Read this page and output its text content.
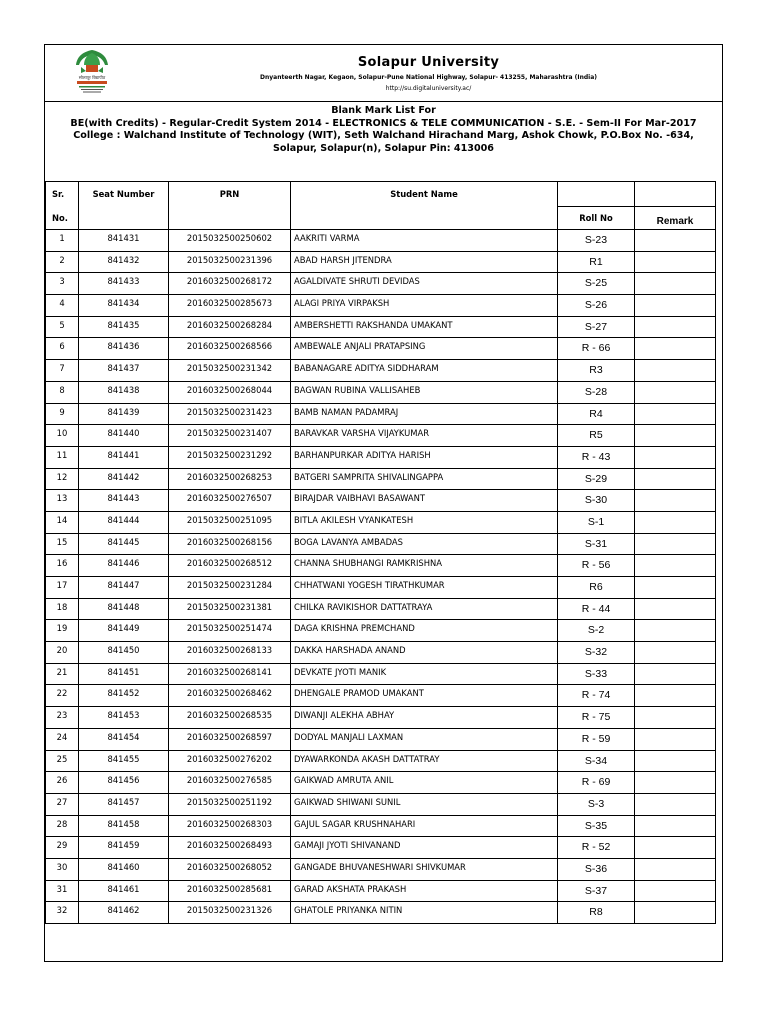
सोलापूर विद्यापीठ
Solapur University
Dnyanteerth Nagar, Kegaon, Solapur-Pune National Highway, Solapur- 413255, Maharashtra (India)
http://su.digitaluniversity.ac/
Blank Mark List For
BE(with Credits) - Regular-Credit System 2014 - ELECTRONICS & TELE COMMUNICATION - S.E. - Sem-II For Mar-2017
College : Walchand Institute of Technology (WIT), Seth Walchand Hirachand Marg, Ashok Chowk, P.O.Box No. -634, Solapur, Solapur(n), Solapur Pin: 413006
Sr.	Seat Number	PRN	Student Name		
No.				Roll No	Remark
1	841431	2015032500250602	AAKRITI VARMA	S-23	
2	841432	2015032500231396	ABAD HARSH JITENDRA	R1	
3	841433	2016032500268172	AGALDIVATE SHRUTI DEVIDAS	S-25	
4	841434	2016032500285673	ALAGI PRIYA VIRPAKSH	S-26	
5	841435	2016032500268284	AMBERSHETTI RAKSHANDA UMAKANT	S-27	
6	841436	2016032500268566	AMBEWALE ANJALI PRATAPSING	R - 66	
7	841437	2015032500231342	BABANAGARE ADITYA SIDDHARAM	R3	
8	841438	2016032500268044	BAGWAN RUBINA VALLISAHEB	S-28	
9	841439	2015032500231423	BAMB NAMAN PADAMRAJ	R4	
10	841440	2015032500231407	BARAVKAR VARSHA VIJAYKUMAR	R5	
11	841441	2015032500231292	BARHANPURKAR ADITYA HARISH	R - 43	
12	841442	2016032500268253	BATGERI SAMPRITA SHIVALINGAPPA	S-29	
13	841443	2016032500276507	BIRAJDAR VAIBHAVI BASAWANT	S-30	
14	841444	2015032500251095	BITLA AKILESH VYANKATESH	S-1	
15	841445	2016032500268156	BOGA LAVANYA AMBADAS	S-31	
16	841446	2016032500268512	CHANNA SHUBHANGI RAMKRISHNA	R - 56	
17	841447	2015032500231284	CHHATWANI YOGESH TIRATHKUMAR	R6	
18	841448	2015032500231381	CHILKA RAVIKISHOR DATTATRAYA	R - 44	
19	841449	2015032500251474	DAGA KRISHNA PREMCHAND	S-2	
20	841450	2016032500268133	DAKKA HARSHADA ANAND	S-32	
21	841451	2016032500268141	DEVKATE JYOTI MANIK	S-33	
22	841452	2016032500268462	DHENGALE PRAMOD UMAKANT	R - 74	
23	841453	2016032500268535	DIWANJI ALEKHA ABHAY	R - 75	
24	841454	2016032500268597	DODYAL MANJALI LAXMAN	R - 59	
25	841455	2016032500276202	DYAWARKONDA AKASH DATTATRAY	S-34	
26	841456	2016032500276585	GAIKWAD AMRUTA ANIL	R - 69	
27	841457	2015032500251192	GAIKWAD SHIWANI SUNIL	S-3	
28	841458	2016032500268303	GAJUL SAGAR KRUSHNAHARI	S-35	
29	841459	2016032500268493	GAMAJI JYOTI SHIVANAND	R - 52	
30	841460	2016032500268052	GANGADE BHUVANESHWARI SHIVKUMAR	S-36	
31	841461	2016032500285681	GARAD AKSHATA PRAKASH	S-37	
32	841462	2015032500231326	GHATOLE PRIYANKA NITIN	R8	
